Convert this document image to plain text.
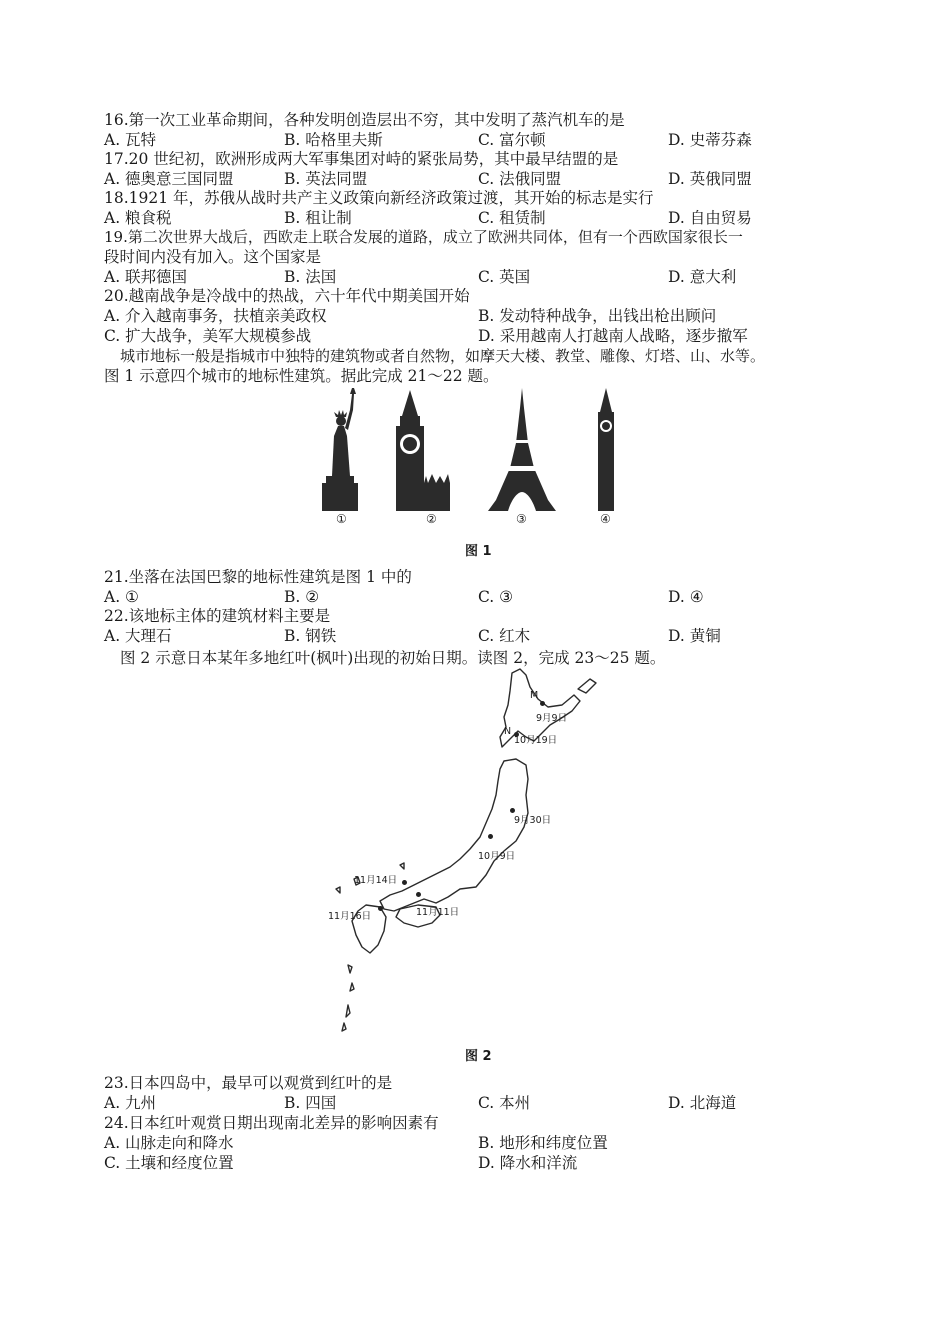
16.第一次工业革命期间，各种发明创造层出不穷，其中发明了蒸汽机车的是
A. 瓦特	B. 哈格里夫斯	C. 富尔顿	D. 史蒂芬森
17.20 世纪初，欧洲形成两大军事集团对峙的紧张局势，其中最早结盟的是
A. 德奥意三国同盟	B. 英法同盟	C. 法俄同盟	D. 英俄同盟
18.1921 年，苏俄从战时共产主义政策向新经济政策过渡，其开始的标志是实行
A. 粮食税	B. 租让制	C. 租赁制	D. 自由贸易
19.第二次世界大战后，西欧走上联合发展的道路，成立了欧洲共同体，但有一个西欧国家很长一
段时间内没有加入。这个国家是
A. 联邦德国	B. 法国	C. 英国	D. 意大利
20.越南战争是冷战中的热战，六十年代中期美国开始
A. 介入越南事务，扶植亲美政权	B. 发动特种战争，出钱出枪出顾问
C. 扩大战争，美军大规模参战	D. 采用越南人打越南人战略，逐步撤军
城市地标一般是指城市中独特的建筑物或者自然物，如摩天大楼、教堂、雕像、灯塔、山、水等。
图 1 示意四个城市的地标性建筑。据此完成 21～22 题。
①	②	③	④
图 1
21.坐落在法国巴黎的地标性建筑是图 1 中的
A. ①	B. ②	C. ③	D. ④
22.该地标主体的建筑材料主要是
A. 大理石	B. 钢铁	C. 红木	D. 黄铜
图 2 示意日本某年多地红叶(枫叶)出现的初始日期。读图 2，完成 23～25 题。
M
9月9日
N
10月19日
9月30日
10月9日
11月14日
11月16日	11月11日
图 2
23.日本四岛中，最早可以观赏到红叶的是
A. 九州	B. 四国	C. 本州	D. 北海道
24.日本红叶观赏日期出现南北差异的影响因素有
A. 山脉走向和降水	B. 地形和纬度位置
C. 土壤和经度位置	D. 降水和洋流
